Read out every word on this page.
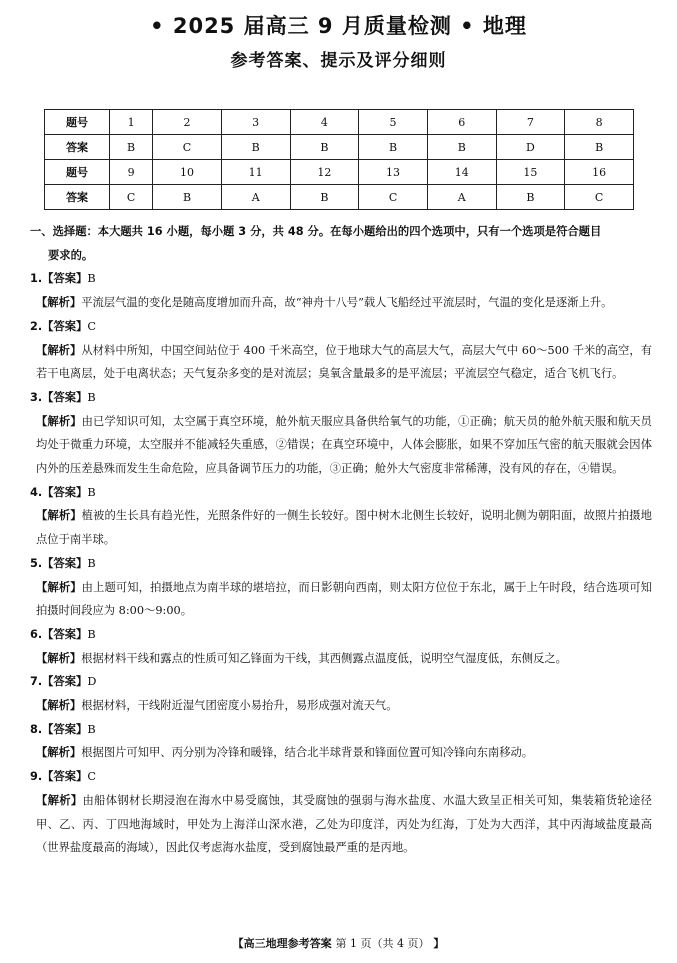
• 2025 届高三 9 月质量检测 • 地理
参考答案、提示及评分细则
题号	1	2	3	4	5	6	7	8
答案	B	C	B	B	B	B	D	B
题号	9	10	11	12	13	14	15	16
答案	C	B	A	B	C	A	B	C
一、选择题：本大题共 16 小题，每小题 3 分，共 48 分。在每小题给出的四个选项中，只有一个选项是符合题目
要求的。
1.【答案】B
【解析】平流层气温的变化是随高度增加而升高，故“神舟十八号”载人飞船经过平流层时，气温的变化是逐渐上升。
2.【答案】C
【解析】从材料中所知，中国空间站位于 400 千米高空，位于地球大气的高层大气，高层大气中 60～500 千米的高空，有若干电离层，处于电离状态；天气复杂多变的是对流层；臭氧含量最多的是平流层；平流层空气稳定，适合飞机飞行。
3.【答案】B
【解析】由已学知识可知，太空属于真空环境，舱外航天服应具备供给氧气的功能，①正确；航天员的舱外航天服和航天员均处于微重力环境，太空服并不能减轻失重感，②错误；在真空环境中，人体会膨胀，如果不穿加压气密的航天服就会因体内外的压差悬殊而发生生命危险，应具备调节压力的功能，③正确；舱外大气密度非常稀薄，没有风的存在，④错误。
4.【答案】B
【解析】植被的生长具有趋光性，光照条件好的一侧生长较好。图中树木北侧生长较好，说明北侧为朝阳面，故照片拍摄地点位于南半球。
5.【答案】B
【解析】由上题可知，拍摄地点为南半球的堪培拉，而日影朝向西南，则太阳方位位于东北，属于上午时段，结合选项可知拍摄时间段应为 8:00～9:00。
6.【答案】B
【解析】根据材料干线和露点的性质可知乙锋面为干线，其西侧露点温度低，说明空气湿度低，东侧反之。
7.【答案】D
【解析】根据材料，干线附近湿气团密度小易抬升，易形成强对流天气。
8.【答案】B
【解析】根据图片可知甲、丙分别为冷锋和暖锋，结合北半球背景和锋面位置可知冷锋向东南移动。
9.【答案】C
【解析】由船体钢材长期浸泡在海水中易受腐蚀，其受腐蚀的强弱与海水盐度、水温大致呈正相关可知，集装箱货轮途径甲、乙、丙、丁四地海域时，甲处为上海洋山深水港，乙处为印度洋，丙处为红海，丁处为大西洋，其中丙海域盐度最高（世界盐度最高的海域），因此仅考虑海水盐度，受到腐蚀最严重的是丙地。
【高三地理参考答案 第 1 页（共 4 页） 】
